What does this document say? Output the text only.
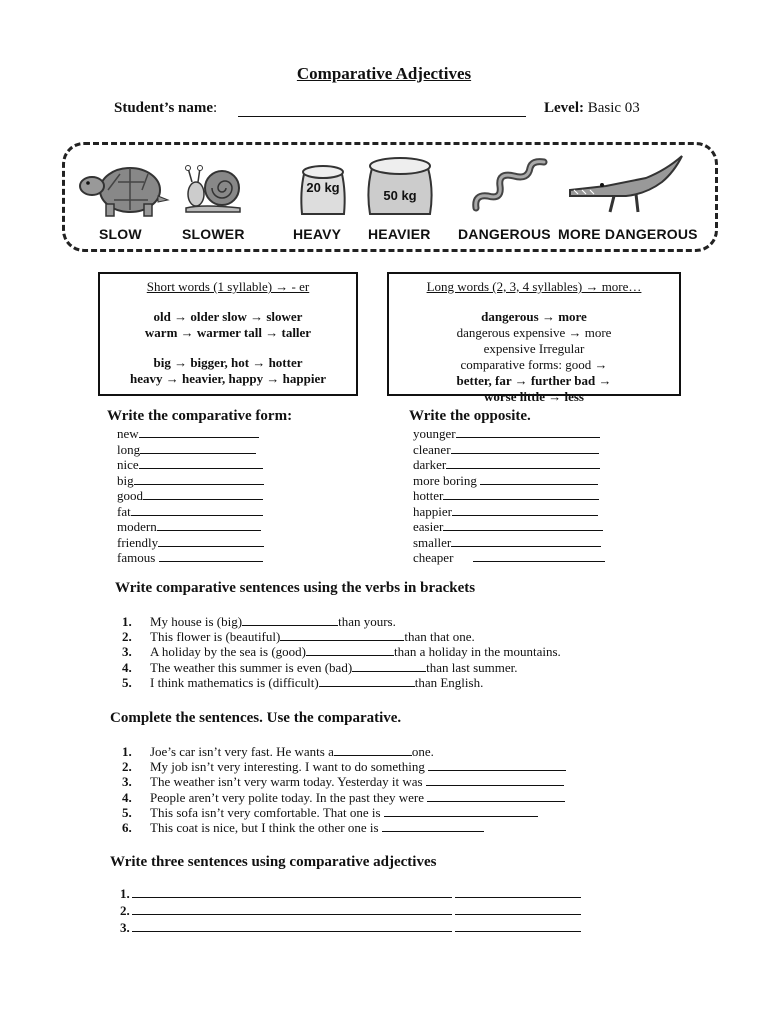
Comparative Adjectives
Student’s name:	Level: Basic 03
20 kg
50 kg
SLOW	SLOWER	HEAVY HEAVIER DANGEROUS MORE DANGEROUS
Short words (1 syllable) → - er
old → older slow → slower
warm → warmer tall → taller
big → bigger, hot → hotter
heavy → heavier, happy → happier
Long words (2, 3, 4 syllables) → more…
dangerous → more
dangerous expensive → more
expensive Irregular
comparative forms: good →
better, far → further bad →
worse little → less
Write the comparative form:	Write the opposite.
new
long
nice
big
good
fat
modern
friendly
famous
younger
cleaner
darker
more boring
hotter
happier
easier
smaller
cheaper
Write comparative sentences using the verbs in brackets
1. My house is (big)	than yours.
2. This flower is (beautiful)	than that one.
3. A holiday by the sea is (good)	than a holiday in the mountains.
4. The weather this summer is even (bad)	than last summer.
5. I think mathematics is (difficult)	than English.
Complete the sentences. Use the comparative.
1. Joe’s car isn’t very fast. He wants a	one.
2. My job isn’t very interesting. I want to do something
3. The weather isn’t very warm today. Yesterday it was
4. People aren’t very polite today. In the past they were
5. This sofa isn’t very comfortable. That one is
6. This coat is nice, but I think the other one is
Write three sentences using comparative adjectives
1.
2.
3.
